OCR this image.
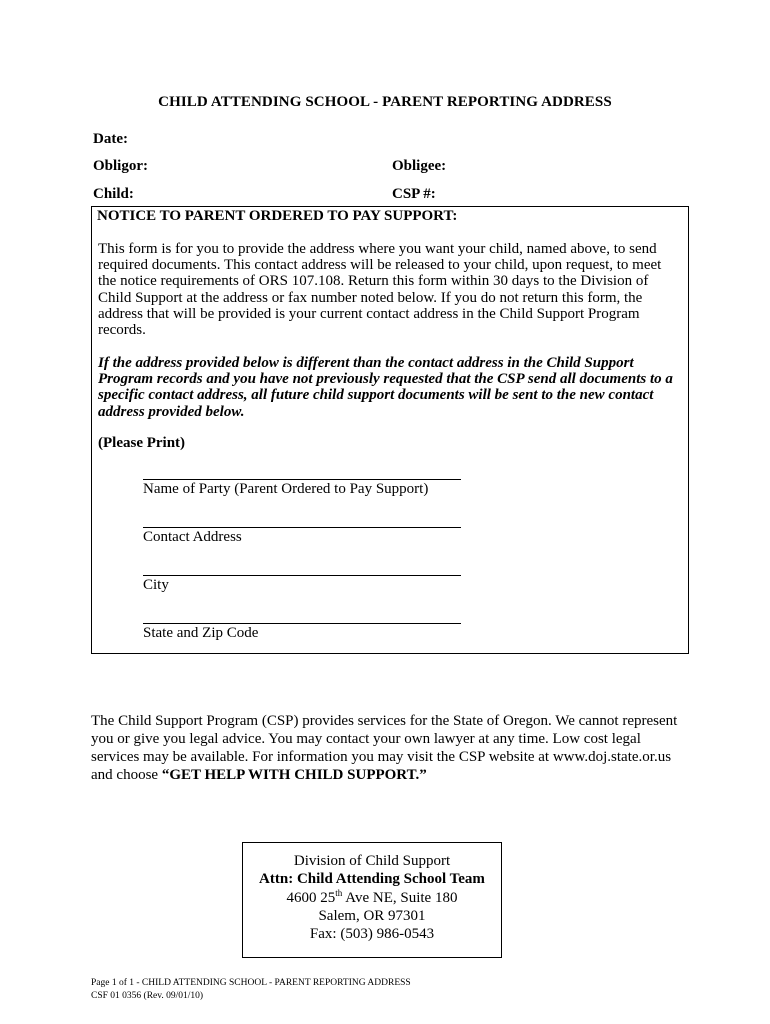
CHILD ATTENDING SCHOOL - PARENT REPORTING ADDRESS
Date:
Obligor:	Obligee:
Child:	CSP #:
NOTICE TO PARENT ORDERED TO PAY SUPPORT:
This form is for you to provide the address where you want your child, named above, to send
required documents. This contact address will be released to your child, upon request, to meet
the notice requirements of ORS 107.108. Return this form within 30 days to the Division of
Child Support at the address or fax number noted below. If you do not return this form, the
address that will be provided is your current contact address in the Child Support Program
records.
If the address provided below is different than the contact address in the Child Support
Program records and you have not previously requested that the CSP send all documents to a
specific contact address, all future child support documents will be sent to the new contact
address provided below.
(Please Print)
Name of Party (Parent Ordered to Pay Support)
Contact Address
City
State and Zip Code
The Child Support Program (CSP) provides services for the State of Oregon. We cannot represent
you or give you legal advice. You may contact your own lawyer at any time. Low cost legal
services may be available. For information you may visit the CSP website at www.doj.state.or.us
and choose “GET HELP WITH CHILD SUPPORT.”
Division of Child Support
Attn: Child Attending School Team
4600 25th Ave NE, Suite 180
Salem, OR 97301
Fax: (503) 986-0543
Page 1 of 1 - CHILD ATTENDING SCHOOL - PARENT REPORTING ADDRESS
CSF 01 0356 (Rev. 09/01/10)
